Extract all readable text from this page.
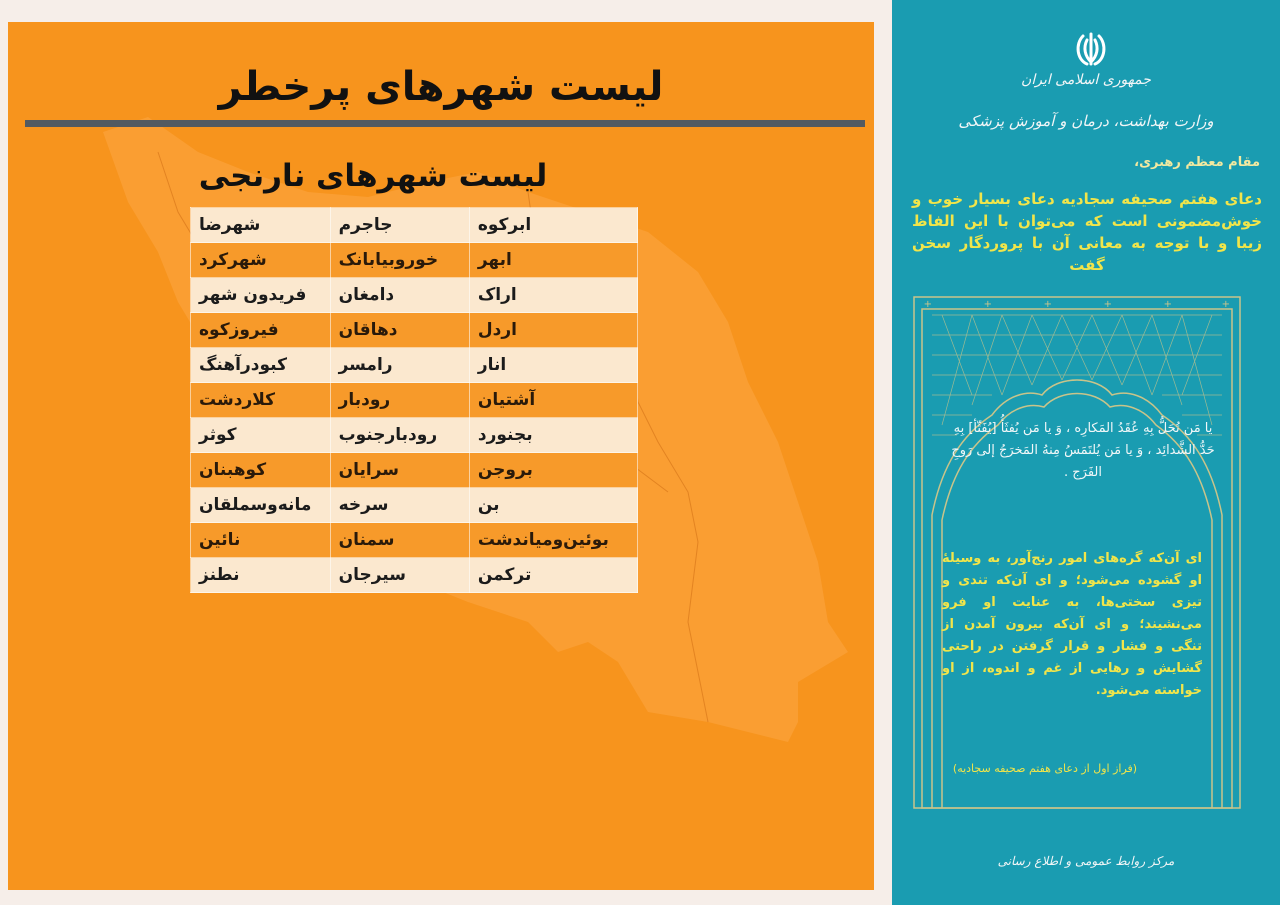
لیست شهرهای پرخطر
لیست شهرهای نارنجی
ابرکوه	جاجرم	شهرضا
ابهر	خوروبیابانک	شهرکرد
اراک	دامغان	فریدون شهر
اردل	دهاقان	فیروزکوه
انار	رامسر	کبودرآهنگ
آشتیان	رودبار	کلاردشت
بجنورد	رودبارجنوب	کوثر
بروجن	سرایان	کوهبنان
بن	سرخه	مانه‌وسملقان
بوئین‌ومیاندشت	سمنان	نائین
ترکمن	سیرجان	نطنز
جمهوری اسلامی ایران
وزارت بهداشت، درمان و آموزش پزشکی
مقام معظم رهبری،
دعای هفتم صحیفه سجادیه دعای بسیار خوب و خوش‌مضمونی است که می‌توان با این الفاظ زیبا و با توجه به معانی آن با پروردگار سخن گفت
+	+	+	+	+	+
یا مَن تُحَلُّ بِهِ عُقَدُ المَکارِه ، وَ یا مَن یُفثَأُ [یُفَثّأ] بِهِ حَدُّ الشَّدائِد ، وَ یا مَن یُلتَمَسُ مِنهُ المَخرَجُ إلی رَوحِ الفَرَج .
ای آن‌که گره‌های امور رنج‌آور، به وسیلهٔ او گشوده می‌شود؛ و ای آن‌که تندی و تیزی سختی‌ها، به عنایت او فرو می‌نشیند؛ و ای آن‌که بیرون آمدن از تنگی و فشار و قرار گرفتن در راحتی گشایش و رهایی از غم و اندوه، از او خواسته می‌شود.
(فراز اول از دعای هفتم صحیفه سجادیه)
مرکز روابط عمومی و اطلاع رسانی
